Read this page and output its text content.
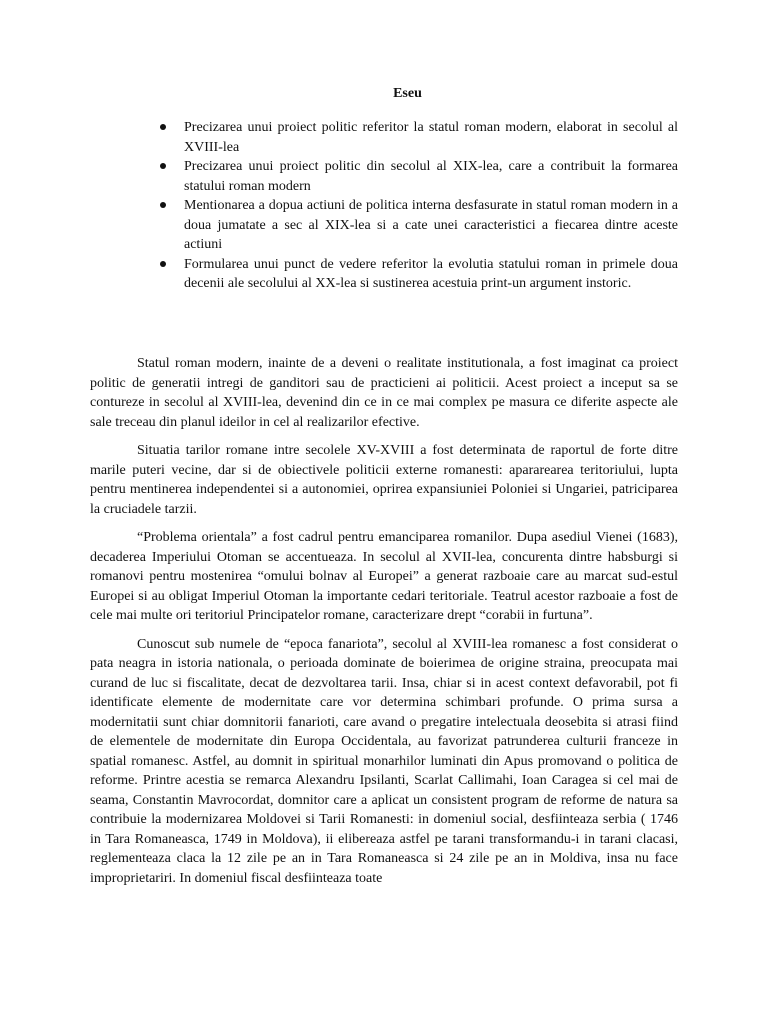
Eseu
Precizarea unui proiect politic referitor la statul roman modern, elaborat in secolul al XVIII-lea
Precizarea unui proiect politic din secolul al XIX-lea, care a contribuit la formarea statului roman modern
Mentionarea a dopua actiuni de politica interna desfasurate in statul roman modern in a doua jumatate a sec al XIX-lea si a cate unei caracteristici a fiecarea dintre aceste actiuni
Formularea unui punct de vedere referitor la evolutia statului roman in primele doua decenii ale secolului al XX-lea si sustinerea acestuia print-un argument instoric.

Statul roman modern, inainte de a deveni o realitate institutionala, a fost imaginat ca proiect politic de generatii intregi de ganditori sau de practicieni ai politicii. Acest proiect a inceput sa se contureze in secolul al XVIII-lea, devenind din ce in ce mai complex pe masura ce diferite aspecte ale sale treceau din planul ideilor in cel al realizarilor efective.

Situatia tarilor romane intre secolele XV-XVIII a fost determinata de raportul de forte ditre marile puteri vecine, dar si de obiectivele politicii externe romanesti: apararearea teritoriului, lupta pentru mentinerea independentei si a autonomiei, oprirea expansiuniei Poloniei si Ungariei, patriciparea la cruciadele tarzii.

“Problema orientala” a fost cadrul pentru emanciparea romanilor. Dupa asediul Vienei (1683), decaderea Imperiului Otoman se accentueaza. In secolul al XVII-lea, concurenta dintre habsburgi si romanovi pentru mostenirea “omului bolnav al Europei” a generat razboaie care au marcat sud-estul Europei si au obligat Imperiul Otoman la importante cedari teritoriale. Teatrul acestor razboaie a fost de cele mai multe ori teritoriul Principatelor romane, caracterizare drept “corabii in furtuna”.

Cunoscut sub numele de “epoca fanariota”, secolul al XVIII-lea romanesc a fost considerat o pata neagra in istoria nationala, o perioada dominate de boierimea de origine straina, preocupata mai curand de luc si fiscalitate, decat de dezvoltarea tarii. Insa, chiar si in acest context defavorabil, pot fi identificate elemente de modernitate care vor determina schimbari profunde. O prima sursa a modernitatii sunt chiar domnitorii fanarioti, care avand o pregatire intelectuala deosebita si atrasi fiind de elementele de modernitate din Europa Occidentala, au favorizat patrunderea culturii franceze in spatial romanesc. Astfel, au domnit in spiritual monarhilor luminati din Apus promovand o politica de reforme. Printre acestia se remarca Alexandru Ipsilanti, Scarlat Callimahi, Ioan Caragea si cel mai de seama, Constantin Mavrocordat, domnitor care a aplicat un consistent program de reforme de natura sa contribuie la modernizarea Moldovei si Tarii Romanesti: in domeniul social, desfiinteaza serbia ( 1746 in Tara Romaneasca, 1749 in Moldova), ii elibereaza astfel pe tarani transformandu-i in tarani clacasi, reglementeaza claca la 12 zile pe an in Tara Romaneasca si 24 zile pe an in Moldiva, insa nu face improprietariri. In domeniul fiscal desfiinteaza toate
